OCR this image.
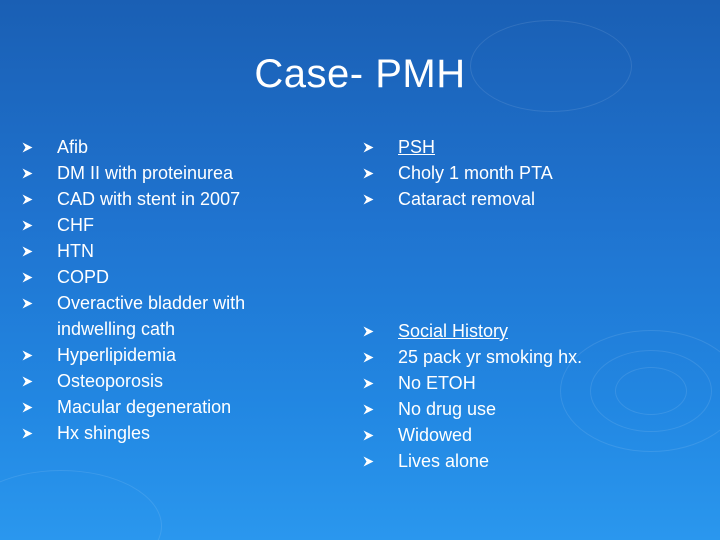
Case- PMH
Afib
DM II with proteinurea
CAD with stent in 2007
CHF
HTN
COPD
Overactive bladder with indwelling cath
Hyperlipidemia
Osteoporosis
Macular degeneration
Hx shingles
PSH
Choly 1 month PTA
Cataract removal
Social History
25 pack yr smoking hx.
No ETOH
No drug use
Widowed
Lives alone
